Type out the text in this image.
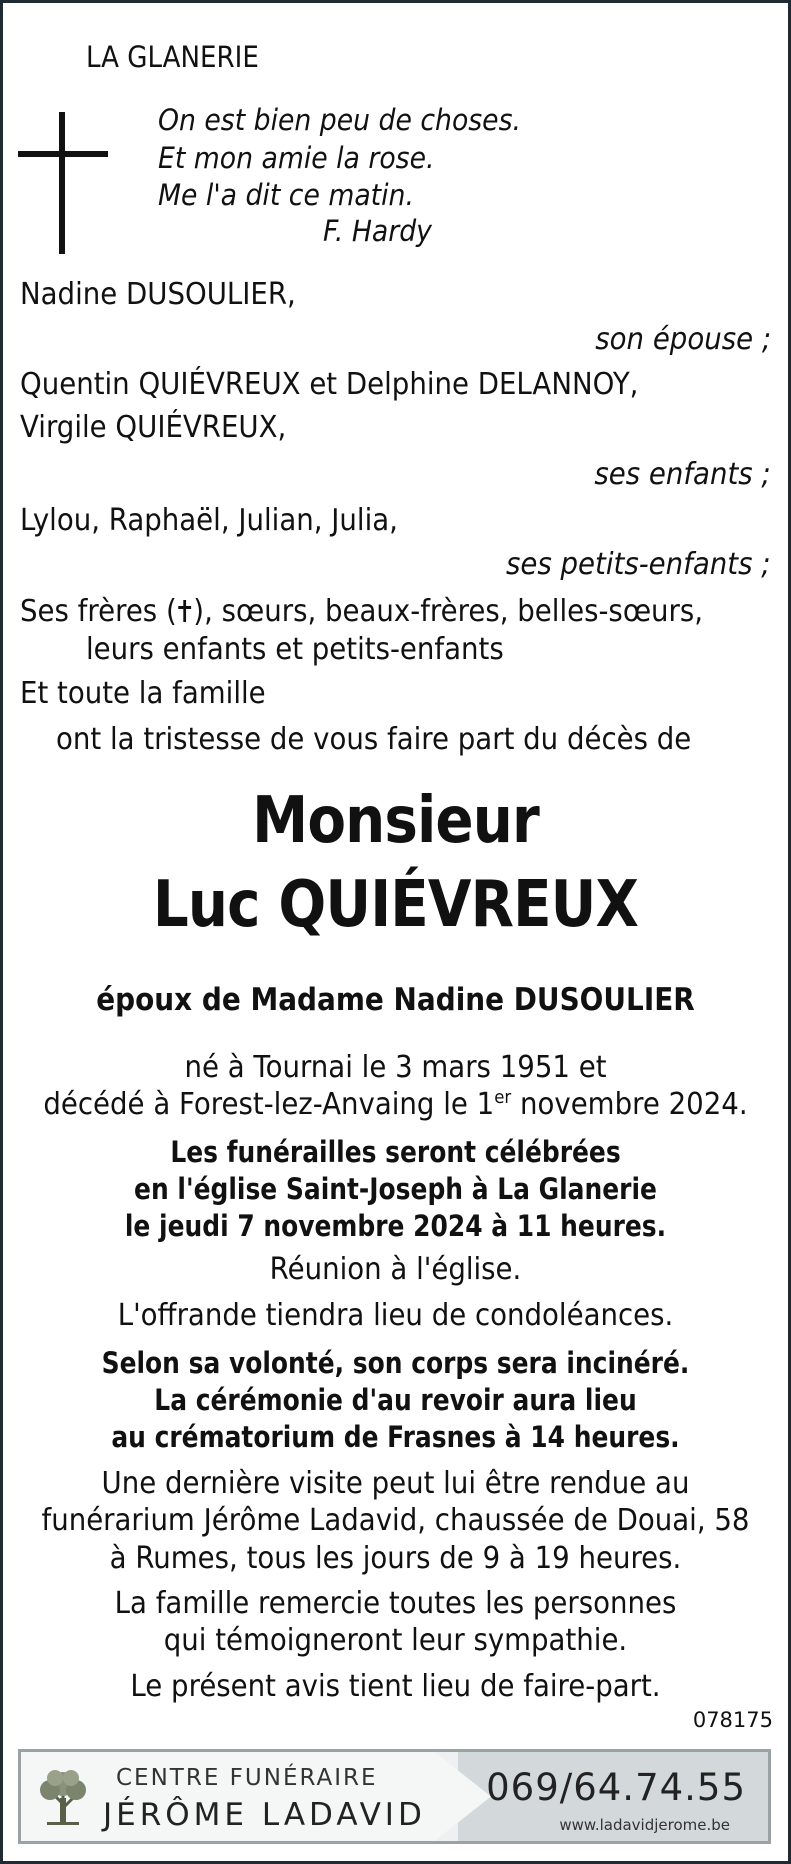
LA GLANERIE
On est bien peu de choses.
Et mon amie la rose.
Me l'a dit ce matin.
F. Hardy
Nadine DUSOULIER,
son épouse ;
Quentin QUIÉVREUX et Delphine DELANNOY,
Virgile QUIÉVREUX,
ses enfants ;
Lylou, Raphaël, Julian, Julia,
ses petits-enfants ;
Ses frères ( ), sœurs, beaux-frères, belles-sœurs,
leurs enfants et petits-enfants
Et toute la famille
ont la tristesse de vous faire part du décès de
Monsieur
Luc QUIÉVREUX
époux de Madame Nadine DUSOULIER
né à Tournai le 3 mars 1951 et
décédé à Forest-lez-Anvaing le 1er novembre 2024.
Les funérailles seront célébrées
en l'église Saint-Joseph à La Glanerie
le jeudi 7 novembre 2024 à 11 heures.
Réunion à l'église.
L'offrande tiendra lieu de condoléances.
Selon sa volonté, son corps sera incinéré.
La cérémonie d'au revoir aura lieu
au crématorium de Frasnes à 14 heures.
Une dernière visite peut lui être rendue au
funérarium Jérôme Ladavid, chaussée de Douai, 58
à Rumes, tous les jours de 9 à 19 heures.
La famille remercie toutes les personnes
qui témoigneront leur sympathie.
Le présent avis tient lieu de faire-part.
078175
CENTRE FUNÉRAIRE
JÉRÔME LADAVID
069/64.74.55
www.ladavidjerome.be
